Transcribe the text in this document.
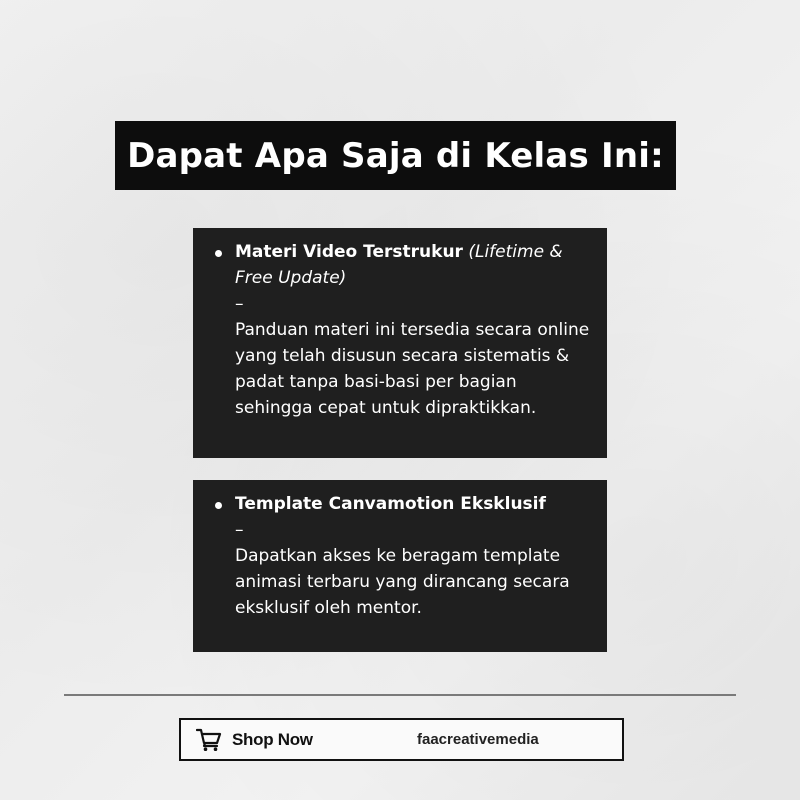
Dapat Apa Saja di Kelas Ini:
Materi Video Terstrukur (Lifetime & Free Update)
–
Panduan materi ini tersedia secara online yang telah disusun secara sistematis & padat tanpa basi-basi per bagian sehingga cepat untuk dipraktikkan.
Template Canvamotion Eksklusif
–
Dapatkan akses ke beragam template animasi terbaru yang dirancang secara eksklusif oleh mentor.
Shop Now	faacreativemedia
